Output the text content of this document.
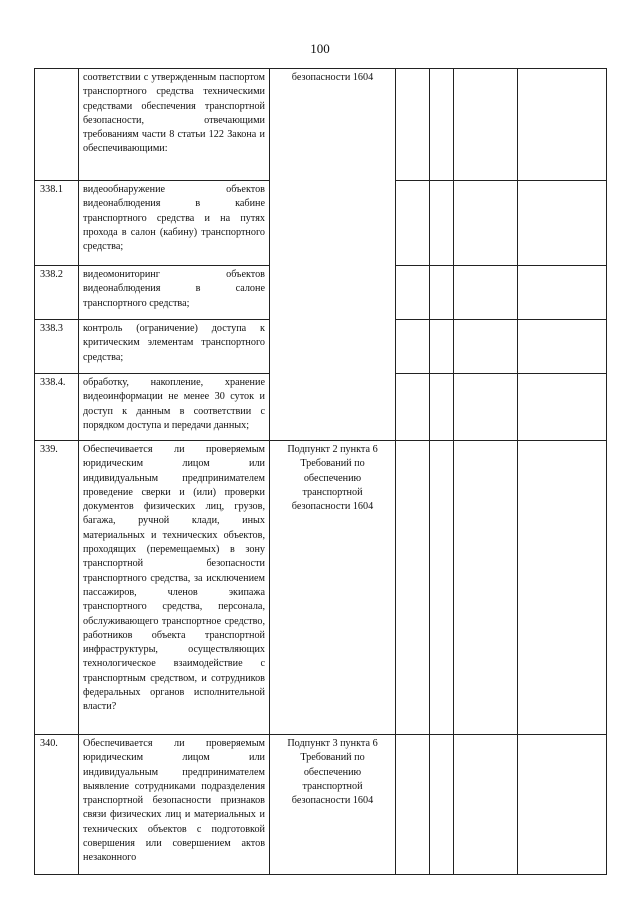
100
	соответствии с утвержденным паспортом транспортного средства техническими средствами обеспечения транспортной безопасности, отвечающими требованиям части 8 статьи 122 Закона и обеспечивающими:	безопасности 1604				
338.1	видеообнаружение объектов видеонаблюдения в кабине транспортного средства и на путях прохода в салон (кабину) транспортного средства;					
338.2	видеомониторинг объектов видеонаблюдения в салоне транспортного средства;					
338.3	контроль (ограничение) доступа к критическим элементам транспортного средства;					
338.4.	обработку, накопление, хранение видеоинформации не менее 30 суток и доступ к данным в соответствии с порядком доступа и передачи данных;					
339.	Обеспечивается ли проверяемым юридическим лицом или индивидуальным предпринимателем проведение сверки и (или) проверки документов физических лиц, грузов, багажа, ручной клади, иных материальных и технических объектов, проходящих (перемещаемых) в зону транспортной безопасности транспортного средства, за исключением пассажиров, членов экипажа транспортного средства, персонала, обслуживающего транспортное средство, работников объекта транспортной инфраструктуры, осуществляющих технологическое взаимодействие с транспортным средством, и сотрудников федеральных органов исполнительной власти?	Подпункт 2 пункта 6 Требований по обеспечению транспортной безопасности 1604				
340.	Обеспечивается ли проверяемым юридическим лицом или индивидуальным предпринимателем выявление сотрудниками подразделения транспортной безопасности признаков связи физических лиц и материальных и технических объектов с подготовкой совершения или совершением актов незаконного	Подпункт 3 пункта 6 Требований по обеспечению транспортной безопасности 1604				
